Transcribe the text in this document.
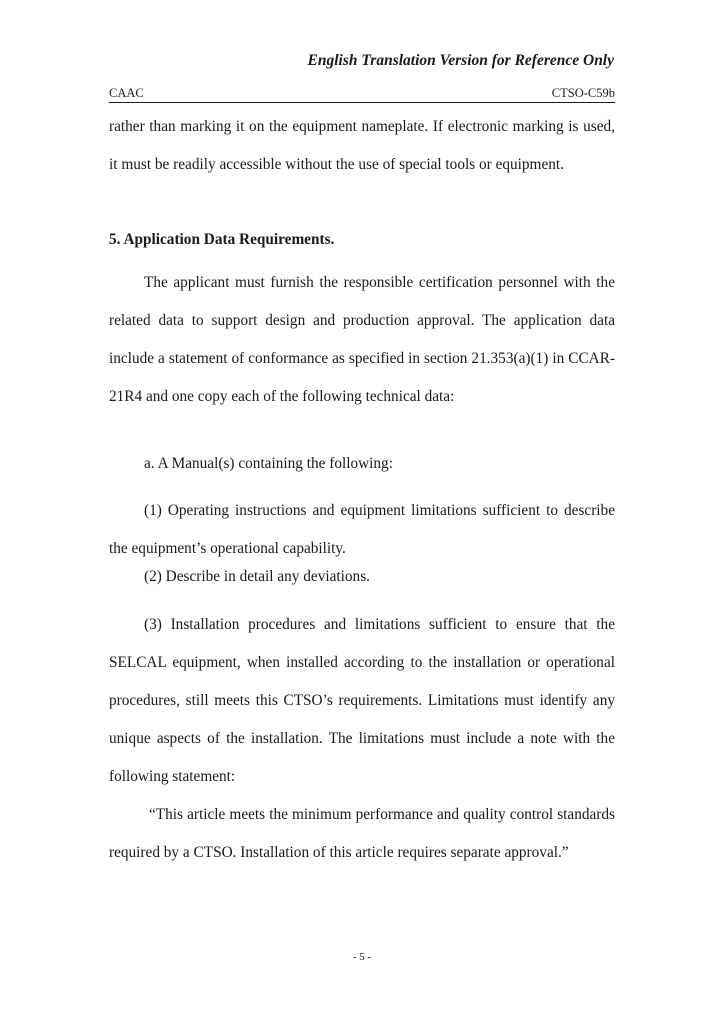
English Translation Version for Reference Only
CAAC	CTSO-C59b

rather than marking it on the equipment nameplate. If electronic marking is used, it must be readily accessible without the use of special tools or equipment.

5. Application Data Requirements.

The applicant must furnish the responsible certification personnel with the related data to support design and production approval. The application data include a statement of conformance as specified in section 21.353(a)(1) in CCAR-21R4 and one copy each of the following technical data:

a. A Manual(s) containing the following:

(1) Operating instructions and equipment limitations sufficient to describe the equipment’s operational capability.

(2) Describe in detail any deviations.

(3) Installation procedures and limitations sufficient to ensure that the SELCAL equipment, when installed according to the installation or operational procedures, still meets this CTSO’s requirements. Limitations must identify any unique aspects of the installation. The limitations must include a note with the following statement:

“This article meets the minimum performance and quality control standards required by a CTSO. Installation of this article requires separate approval.”

- 5 -
